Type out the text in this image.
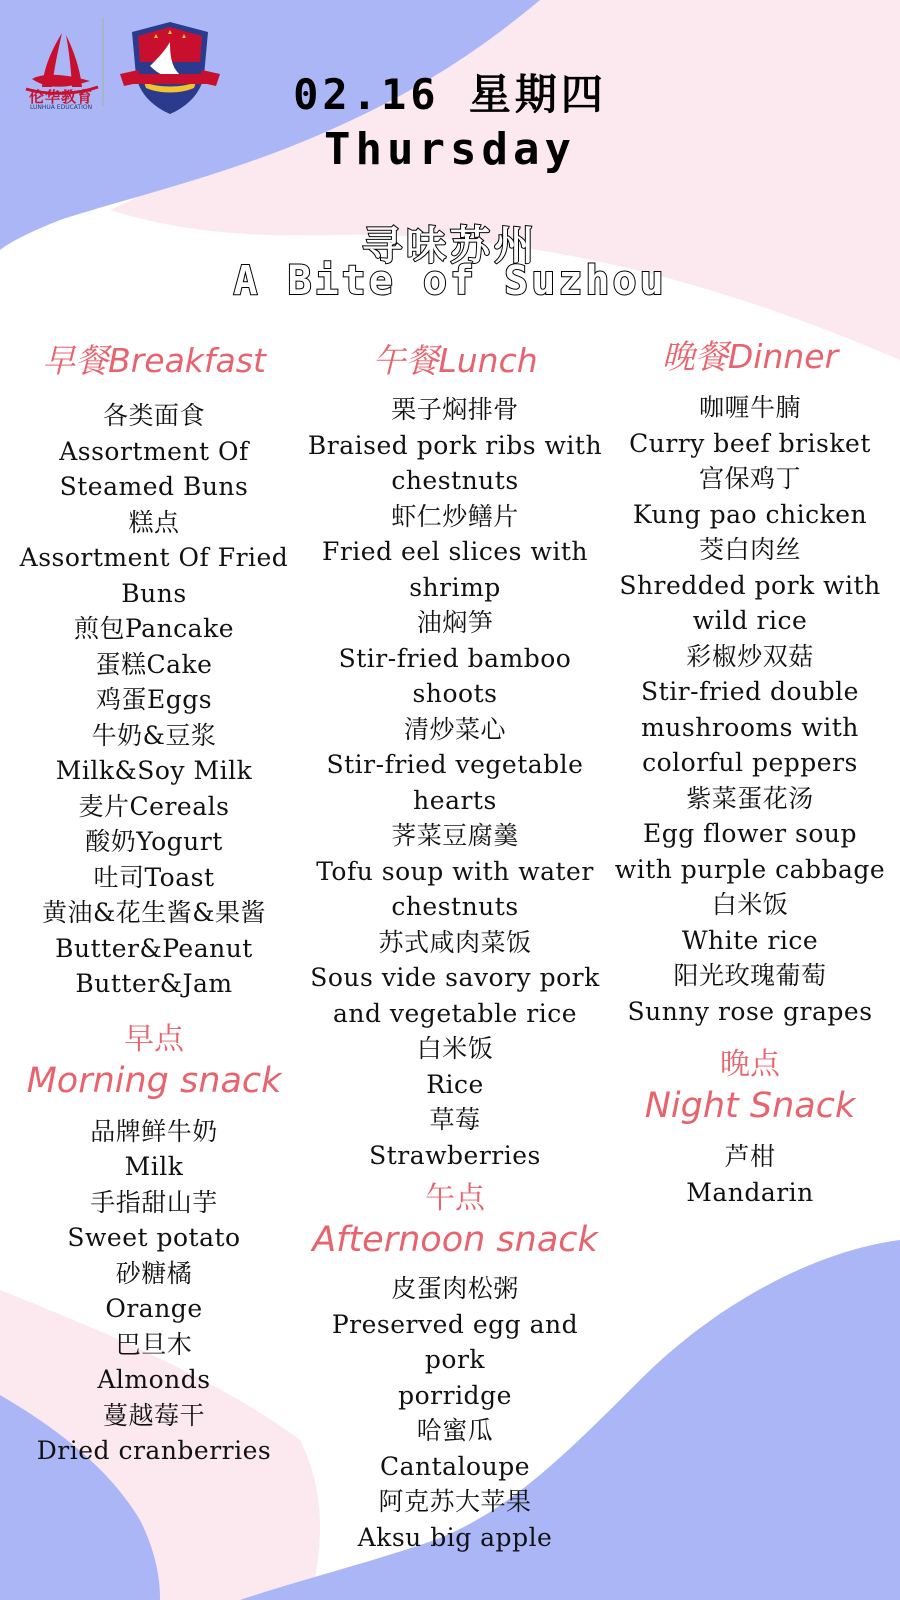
伦华教育
LUNHUA EDUCATION	02.16 星期四
Thursday
寻味苏州
A Bite of Suzhou
早餐Breakfast
各类面食
Assortment Of
Steamed Buns
糕点
Assortment Of Fried
Buns
煎包Pancake
蛋糕Cake
鸡蛋Eggs
牛奶&豆浆
Milk&Soy Milk
麦片Cereals
酸奶Yogurt
吐司Toast
黄油&花生酱&果酱
Butter&Peanut
Butter&Jam
早点
Morning snack
品牌鲜牛奶
Milk
手指甜山芋
Sweet potato
砂糖橘
Orange
巴旦木
Almonds
蔓越莓干
Dried cranberries
午餐Lunch
栗子焖排骨
Braised pork ribs with
chestnuts
虾仁炒鳝片
Fried eel slices with
shrimp
油焖笋
Stir-fried bamboo
shoots
清炒菜心
Stir-fried vegetable
hearts
荠菜豆腐羹
Tofu soup with water
chestnuts
苏式咸肉菜饭
Sous vide savory pork
and vegetable rice
白米饭
Rice
草莓
Strawberries
午点
Afternoon snack
皮蛋肉松粥
Preserved egg and pork
porridge
哈蜜瓜
Cantaloupe
阿克苏大苹果
Aksu big apple
晚餐Dinner
咖喱牛腩
Curry beef brisket
宫保鸡丁
Kung pao chicken
茭白肉丝
Shredded pork with
wild rice
彩椒炒双菇
Stir-fried double
mushrooms with
colorful peppers
紫菜蛋花汤
Egg flower soup
with purple cabbage
白米饭
White rice
阳光玫瑰葡萄
Sunny rose grapes
晚点
Night Snack
芦柑
Mandarin
